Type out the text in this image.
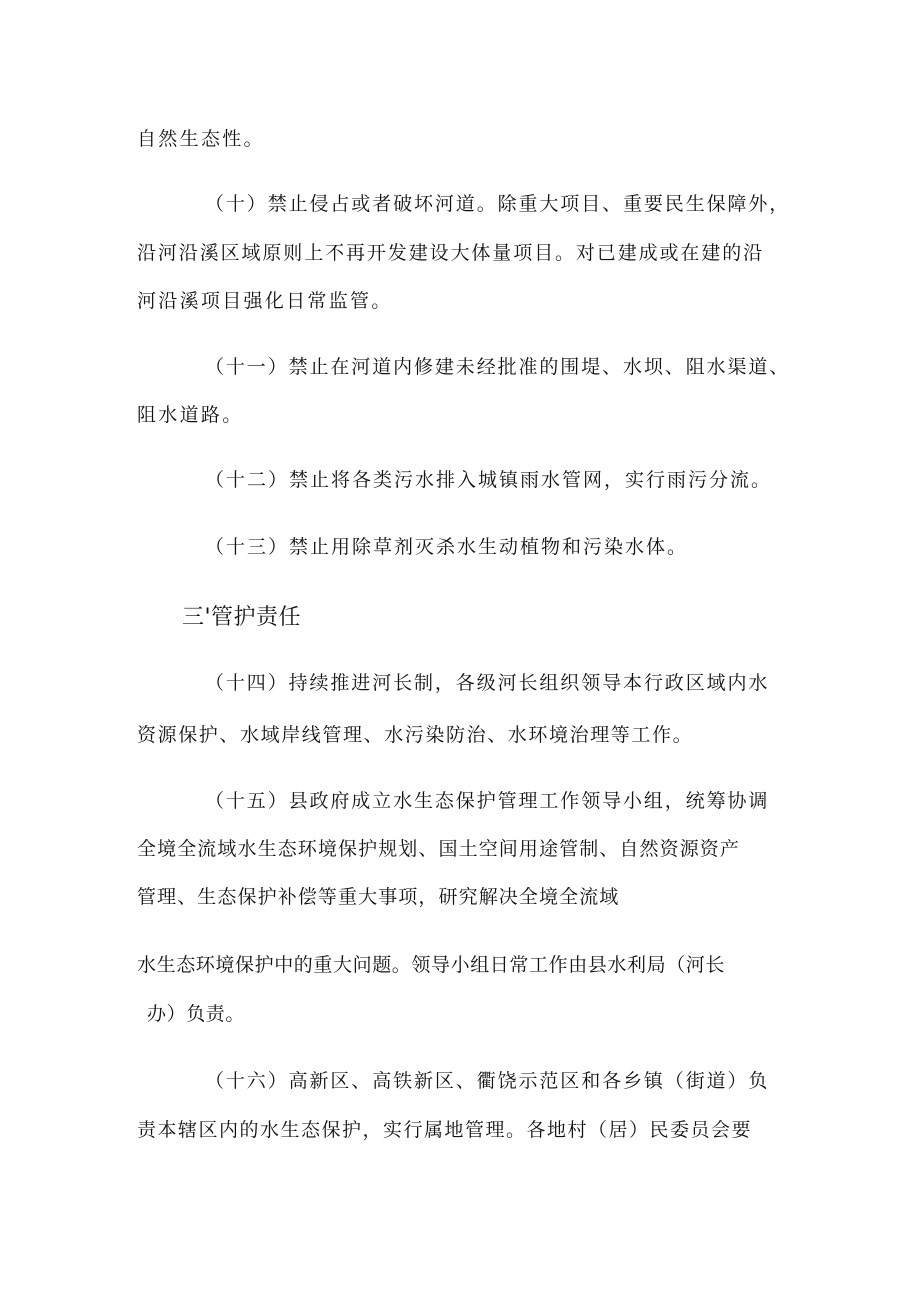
自然生态性。
（十）禁止侵占或者破坏河道。除重大项目、重要民生保障外，
沿河沿溪区域原则上不再开发建设大体量项目。对已建成或在建的沿
河沿溪项目强化日常监管。
（十一）禁止在河道内修建未经批准的围堤、水坝、阻水渠道、
阻水道路。
（十二）禁止将各类污水排入城镇雨水管网，实行雨污分流。
（十三）禁止用除草剂灭杀水生动植物和污染水体。
三'管护责任
（十四）持续推进河长制，各级河长组织领导本行政区域内水
资源保护、水域岸线管理、水污染防治、水环境治理等工作。
（十五）县政府成立水生态保护管理工作领导小组，统筹协调
全境全流域水生态环境保护规划、国土空间用途管制、自然资源资产
管理、生态保护补偿等重大事项，研究解决全境全流域
水生态环境保护中的重大问题。领导小组日常工作由县水利局（河长
办）负责。
（十六）高新区、高铁新区、衢饶示范区和各乡镇（街道）负
责本辖区内的水生态保护，实行属地管理。各地村（居）民委员会要
